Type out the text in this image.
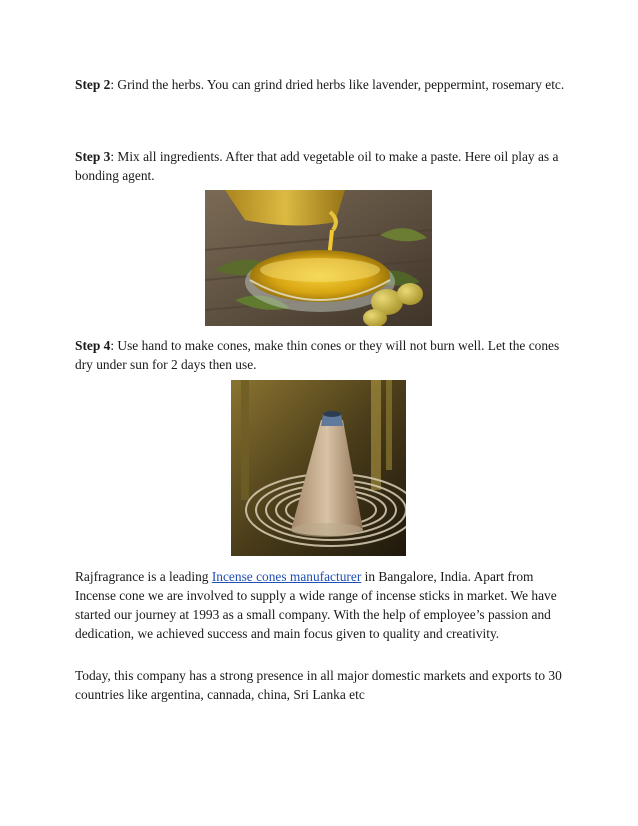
Step 2: Grind the herbs. You can grind dried herbs like lavender, peppermint, rosemary etc.

Step 3: Mix all ingredients. After that add vegetable oil to make a paste. Here oil play as a bonding agent.

Step 4: Use hand to make cones, make thin cones or they will not burn well. Let the cones dry under sun for 2 days then use.

Rajfragrance is a leading Incense cones manufacturer in Bangalore, India. Apart from Incense cone we are involved to supply a wide range of incense sticks in market. We have started our journey at 1993 as a small company. With the help of employee’s passion and dedication, we achieved success and main focus given to quality and creativity.

Today, this company has a strong presence in all major domestic markets and exports to 30 countries like argentina, cannada, china, Sri Lanka etc
